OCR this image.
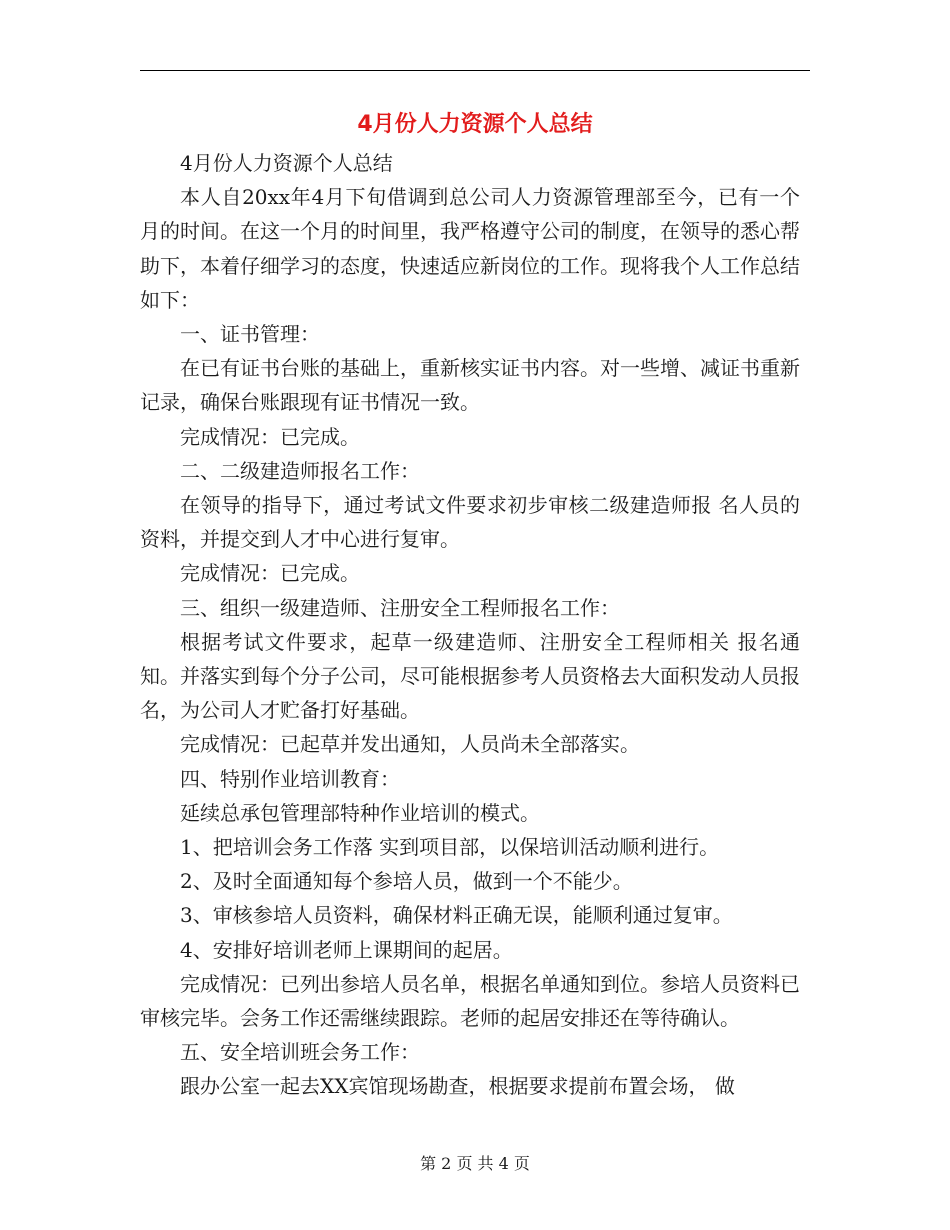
4月份人力资源个人总结

4月份人力资源个人总结

本人自20xx年4月下旬借调到总公司人力资源管理部至今，已有一个月的时间。在这一个月的时间里，我严格遵守公司的制度，在领导的悉心帮助下，本着仔细学习的态度，快速适应新岗位的工作。现将我个人工作总结如下：

一、证书管理：

在已有证书台账的基础上，重新核实证书内容。对一些增、减证书重新记录，确保台账跟现有证书情况一致。

完成情况：已完成。

二、二级建造师报名工作：

在领导的指导下，通过考试文件要求初步审核二级建造师报 名人员的资料，并提交到人才中心进行复审。

完成情况：已完成。

三、组织一级建造师、注册安全工程师报名工作：

根据考试文件要求，起草一级建造师、注册安全工程师相关 报名通知。并落实到每个分子公司，尽可能根据参考人员资格去大面积发动人员报名，为公司人才贮备打好基础。

完成情况：已起草并发出通知，人员尚未全部落实。

四、特别作业培训教育：

延续总承包管理部特种作业培训的模式。

1、把培训会务工作落 实到项目部，以保培训活动顺利进行。

2、及时全面通知每个参培人员，做到一个不能少。

3、审核参培人员资料，确保材料正确无误，能顺利通过复审。

4、安排好培训老师上课期间的起居。

完成情况：已列出参培人员名单，根据名单通知到位。参培人员资料已审核完毕。会务工作还需继续跟踪。老师的起居安排还在等待确认。

五、安全培训班会务工作：

跟办公室一起去XX宾馆现场勘查，根据要求提前布置会场， 做

第 2 页 共 4 页
